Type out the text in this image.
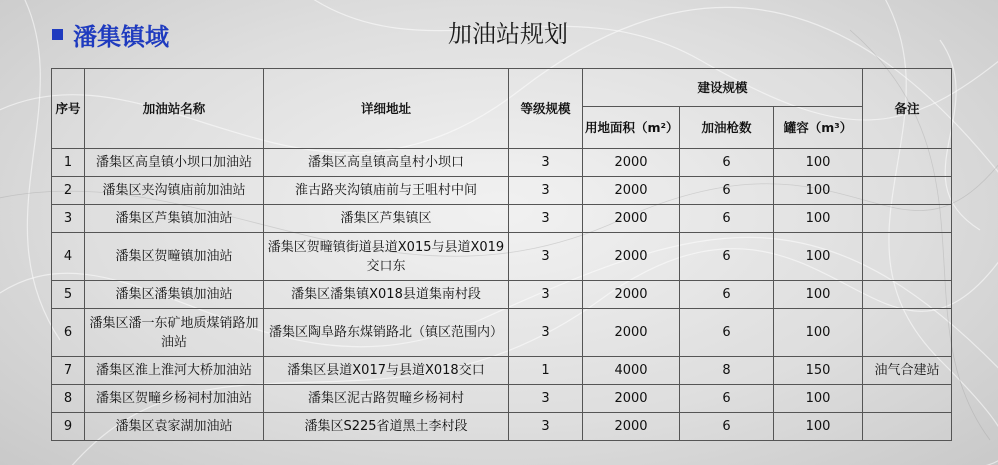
潘集镇域	加油站规划
序号	加油站名称	详细地址	等级规模	建设规模			备注
				用地面积（m²）	加油枪数	罐容（m³）	
1	潘集区高皇镇小坝口加油站	潘集区高皇镇高皇村小坝口	3	2000	6	100	
2	潘集区夹沟镇庙前加油站	淮古路夹沟镇庙前与王咀村中间	3	2000	6	100	
3	潘集区芦集镇加油站	潘集区芦集镇区	3	2000	6	100	
4	潘集区贺疃镇加油站	潘集区贺疃镇街道县道X015与县道X019交口东	3	2000	6	100	
5	潘集区潘集镇加油站	潘集区潘集镇X018县道集南村段	3	2000	6	100	
6	潘集区潘一东矿地质煤销路加油站	潘集区陶阜路东煤销路北（镇区范围内）	3	2000	6	100	
7	潘集区淮上淮河大桥加油站	潘集区县道X017与县道X018交口	1	4000	8	150	油气合建站
8	潘集区贺疃乡杨祠村加油站	潘集区泥古路贺疃乡杨祠村	3	2000	6	100	
9	潘集区袁家湖加油站	潘集区S225省道黑土李村段	3	2000	6	100	
